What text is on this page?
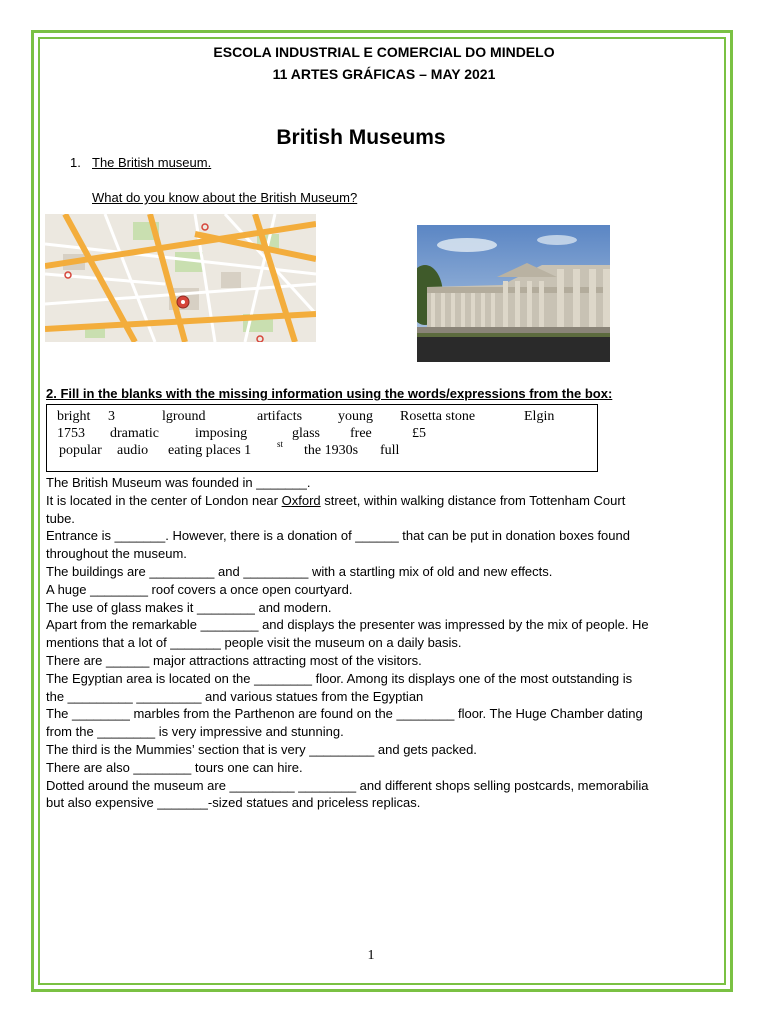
ESCOLA INDUSTRIAL E COMERCIAL DO MINDELO
11 ARTES GRÁFICAS – MAY 2021
British Museums
1. The British museum.
What do you know about the British Museum?
2. Fill in the blanks with the missing information using the words/expressions from the box:
bright 3	lground	artifacts	young Rosetta stone	Elgin
1753 dramatic	imposing	glass free	£5
popular audio eating places 1	st the 1930s full
The British Museum was founded in _______.
It is located in the center of London near Oxford street, within walking distance from Tottenham Court
tube.
Entrance is _______. However, there is a donation of ______ that can be put in donation boxes found
throughout the museum.
The buildings are _________ and _________ with a startling mix of old and new effects.
A huge ________ roof covers a once open courtyard.
The use of glass makes it ________ and modern.
Apart from the remarkable ________ and displays the presenter was impressed by the mix of people. He
mentions that a lot of _______ people visit the museum on a daily basis.
There are ______ major attractions attracting most of the visitors.
The Egyptian area is located on the ________ floor. Among its displays one of the most outstanding is
the _________ _________ and various statues from the Egyptian
The ________ marbles from the Parthenon are found on the ________ floor. The Huge Chamber dating
from the ________ is very impressive and stunning.
The third is the Mummies’ section that is very _________ and gets packed.
There are also ________ tours one can hire.
Dotted around the museum are _________ ________ and different shops selling postcards, memorabilia
but also expensive _______-sized statues and priceless replicas.
1
